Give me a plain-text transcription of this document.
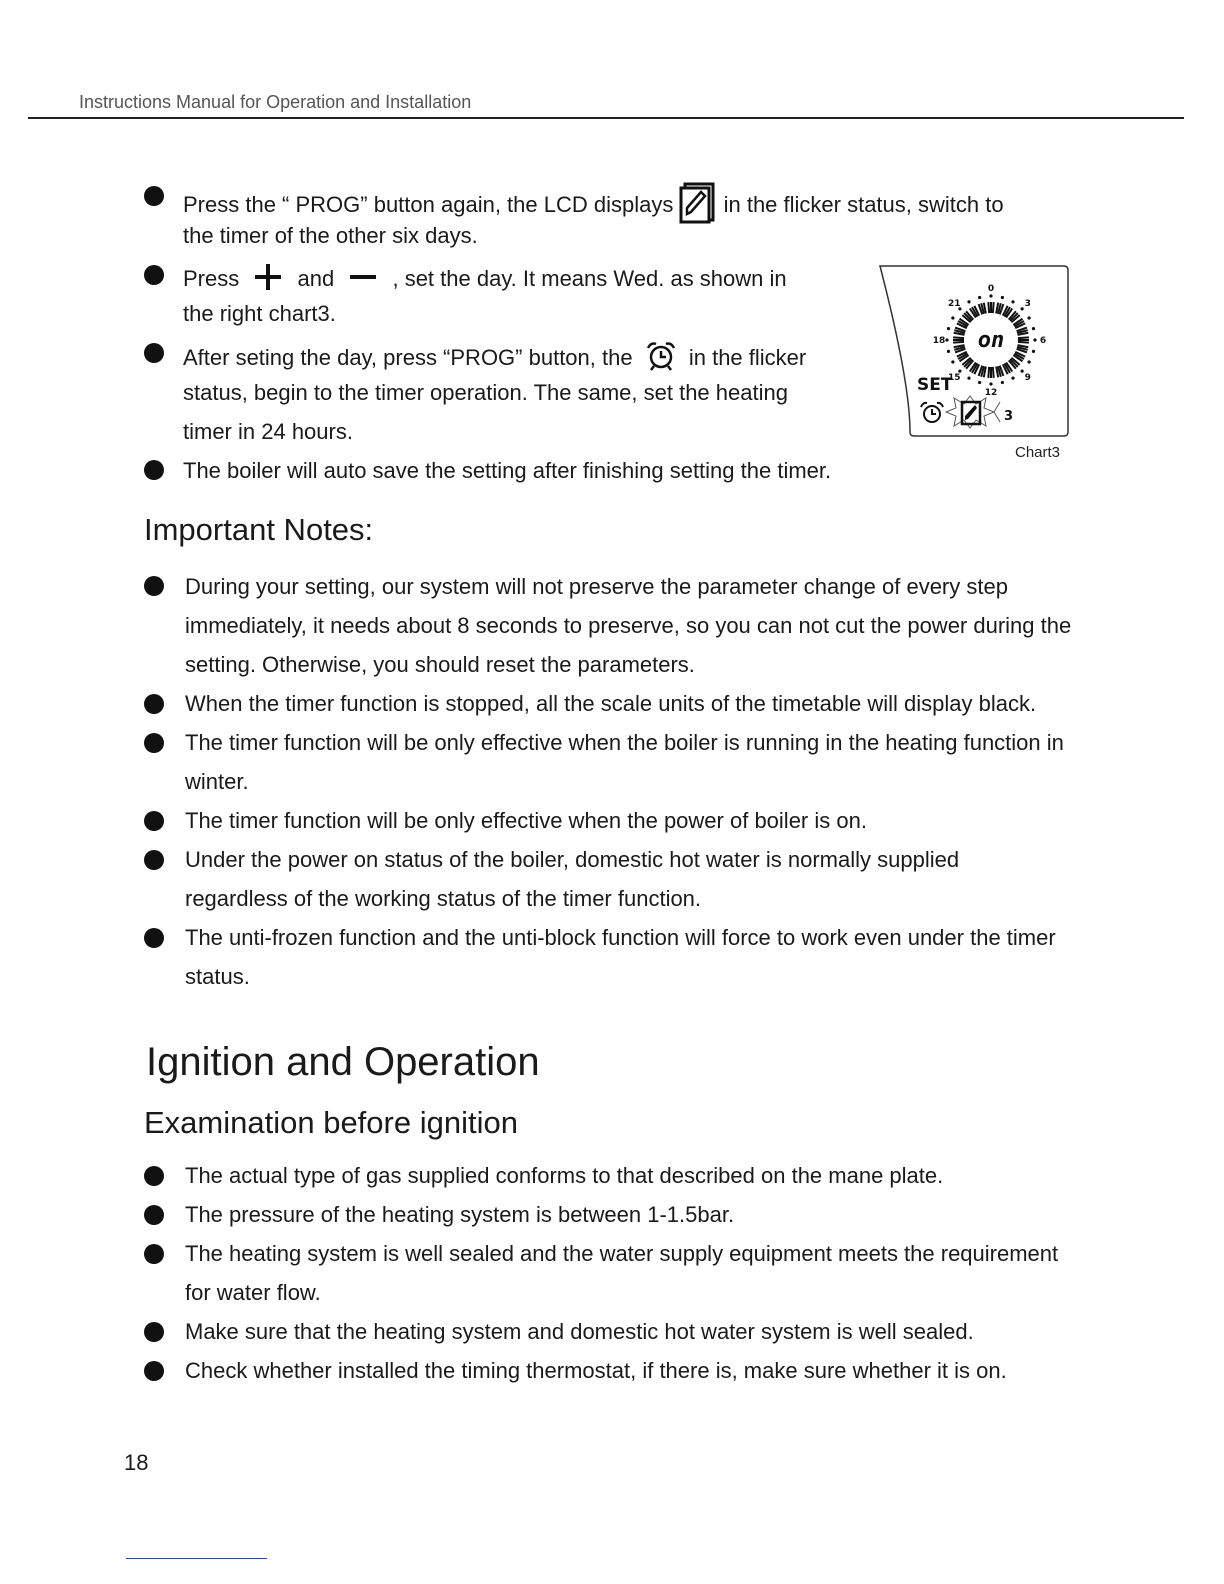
Instructions Manual for Operation and Installation
Press the “ PROG” button again, the LCD displays in the flicker status, switch to
the timer of the other six days.
Press	and	, set the day. It means Wed. as shown in
the right chart3.
After seting the day, press “PROG” button, the	in the flicker
status, begin to the timer operation. The same, set the heating
timer in 24 hours.
The boiler will auto save the setting after finishing setting the timer.
on
SET
3
0
3
6
9
12
15
18
21
Chart3
Important Notes:
During your setting, our system will not preserve the parameter change of every step
immediately, it needs about 8 seconds to preserve, so you can not cut the power during the
setting. Otherwise, you should reset the parameters.
When the timer function is stopped, all the scale units of the timetable will display black.
The timer function will be only effective when the boiler is running in the heating function in
winter.
The timer function will be only effective when the power of boiler is on.
Under the power on status of the boiler, domestic hot water is normally supplied
regardless of the working status of the timer function.
The unti-frozen function and the unti-block function will force to work even under the timer
status.
Ignition and Operation
Examination before ignition
The actual type of gas supplied conforms to that described on the mane plate.
The pressure of the heating system is between 1-1.5bar.
The heating system is well sealed and the water supply equipment meets the requirement
for water flow.
Make sure that the heating system and domestic hot water system is well sealed.
Check whether installed the timing thermostat, if there is, make sure whether it is on.
18
